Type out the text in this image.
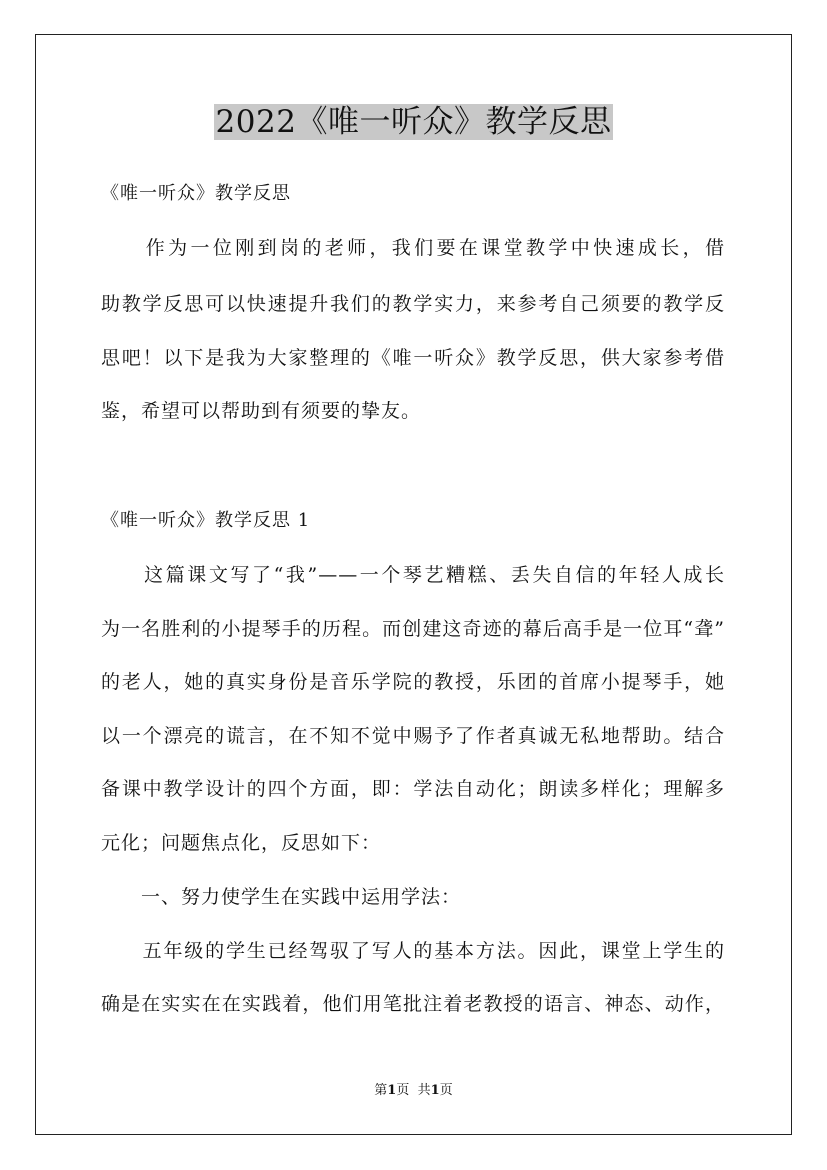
2022《唯一听众》教学反思
《唯一听众》教学反思
　　作为一位刚到岗的老师，我们要在课堂教学中快速成长，借
助教学反思可以快速提升我们的教学实力，来参考自己须要的教学反
思吧！以下是我为大家整理的《唯一听众》教学反思，供大家参考借
鉴，希望可以帮助到有须要的挚友。
《唯一听众》教学反思 1
　　这篇课文写了“我”——一个琴艺糟糕、丢失自信的年轻人成长
为一名胜利的小提琴手的历程。而创建这奇迹的幕后高手是一位耳“聋”
的老人，她的真实身份是音乐学院的教授，乐团的首席小提琴手，她
以一个漂亮的谎言，在不知不觉中赐予了作者真诚无私地帮助。结合
备课中教学设计的四个方面，即：学法自动化；朗读多样化；理解多
元化；问题焦点化，反思如下：
　　一、努力使学生在实践中运用学法：
　　五年级的学生已经驾驭了写人的基本方法。因此，课堂上学生的
确是在实实在在实践着，他们用笔批注着老教授的语言、神态、动作，
第1页 共1页
